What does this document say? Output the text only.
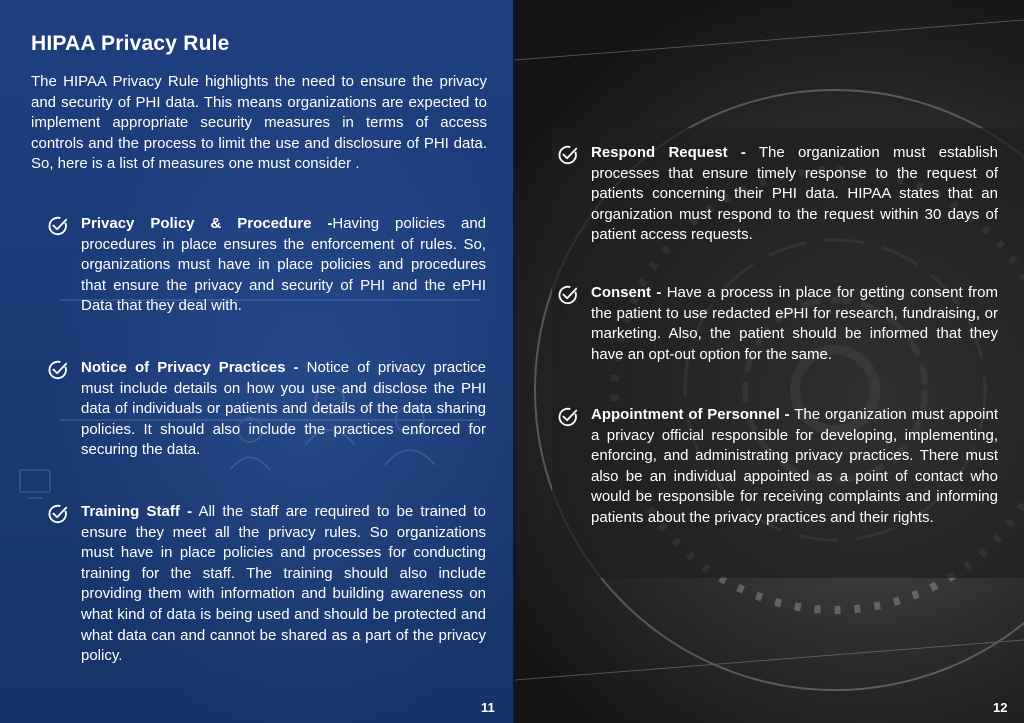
HIPAA Privacy Rule

The HIPAA Privacy Rule highlights the need to ensure the privacy and security of PHI data. This means organizations are expected to implement appropriate security measures in terms of access controls and the process to limit the use and disclosure of PHI data. So, here is a list of measures one must consider .

Privacy Policy & Procedure -Having policies and procedures in place ensures the enforcement of rules. So, organizations must have in place policies and procedures that ensure the privacy and security of PHI and the ePHI Data that they deal with.
Notice of Privacy Practices - Notice of privacy practice must include details on how you use and disclose the PHI data of individuals or patients and details of the data sharing policies. It should also include the practices enforced for securing the data.
Training Staff - All the staff are required to be trained to ensure they meet all the privacy rules. So organizations must have in place policies and processes for conducting training for the staff. The training should also include providing them with information and building awareness on what kind of data is being used and should be protected and what data can and cannot be shared as a part of the privacy policy.
11
Respond Request - The organization must establish processes that ensure timely response to the request of patients concerning their PHI data. HIPAA states that an organization must respond to the request within 30 days of patient access requests.
Consent - Have a process in place for getting consent from the patient to use redacted ePHI for research, fundraising, or marketing. Also, the patient should be informed that they have an opt-out option for the same.
Appointment of Personnel - The organization must appoint a privacy official responsible for developing, implementing, enforcing, and administrating privacy practices. There must also be an individual appointed as a point of contact who would be responsible for receiving complaints and informing patients about the privacy practices and their rights.
12
